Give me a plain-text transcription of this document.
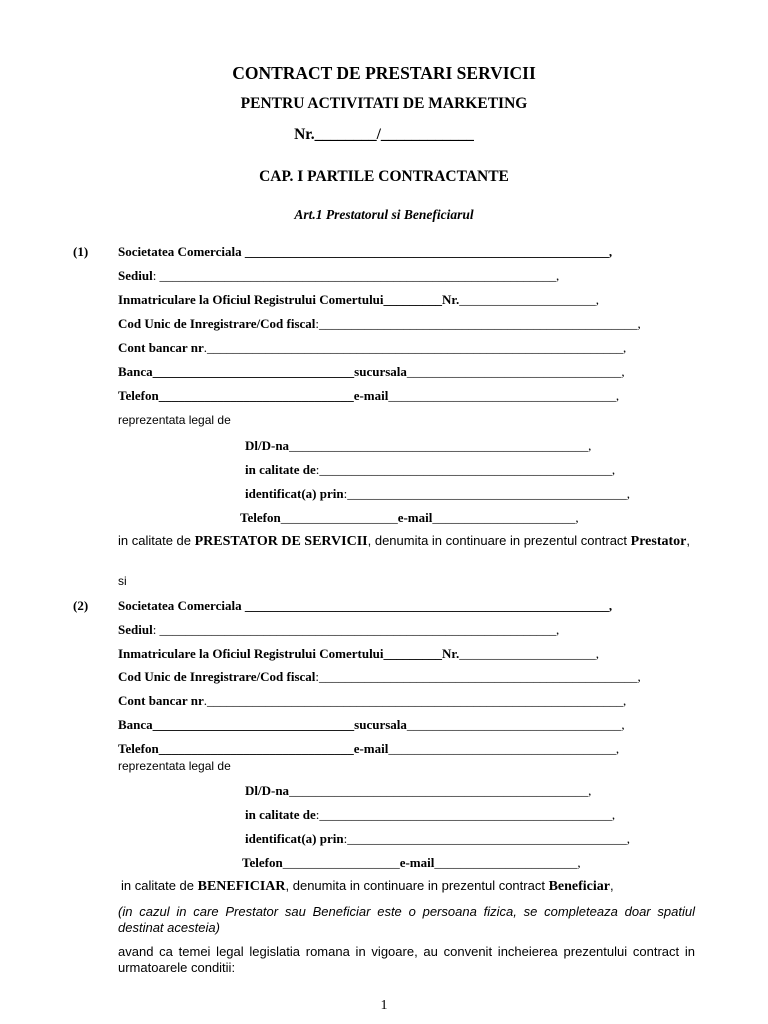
CONTRACT DE PRESTARI SERVICII
PENTRU ACTIVITATI DE MARKETING
Nr.________/____________
CAP. I PARTILE CONTRACTANTE
Art.1 Prestatorul si Beneficiarul
(1) Societatea Comerciala ________________________________________________________,
Sediul: _____________________________________________________________,
Inmatriculare la Oficiul Registrului Comertului_________Nr._____________________,
Cod Unic de Inregistrare/Cod fiscal:_________________________________________________,
Cont bancar nr.________________________________________________________________,
Banca_______________________________sucursala_________________________________,
Telefon______________________________e-mail___________________________________,
reprezentata legal de
Dl/D-na______________________________________________,
in calitate de:_____________________________________________,
identificat(a) prin:___________________________________________,
Telefon__________________e-mail______________________,
in calitate de PRESTATOR DE SERVICII, denumita in continuare in prezentul contract Prestator,
si
(2) Societatea Comerciala ________________________________________________________,
Sediul: _____________________________________________________________,
Inmatriculare la Oficiul Registrului Comertului_________Nr._____________________,
Cod Unic de Inregistrare/Cod fiscal:_________________________________________________,
Cont bancar nr.________________________________________________________________,
Banca_______________________________sucursala_________________________________,
Telefon______________________________e-mail___________________________________,
reprezentata legal de
Dl/D-na______________________________________________,
in calitate de:_____________________________________________,
identificat(a) prin:___________________________________________,
Telefon__________________e-mail______________________,
in calitate de BENEFICIAR, denumita in continuare in prezentul contract Beneficiar,
(in cazul in care Prestator sau Beneficiar este o persoana fizica, se completeaza doar spatiul destinat acesteia)
avand ca temei legal legislatia romana in vigoare, au convenit incheierea prezentului contract in urmatoarele conditii:
1
